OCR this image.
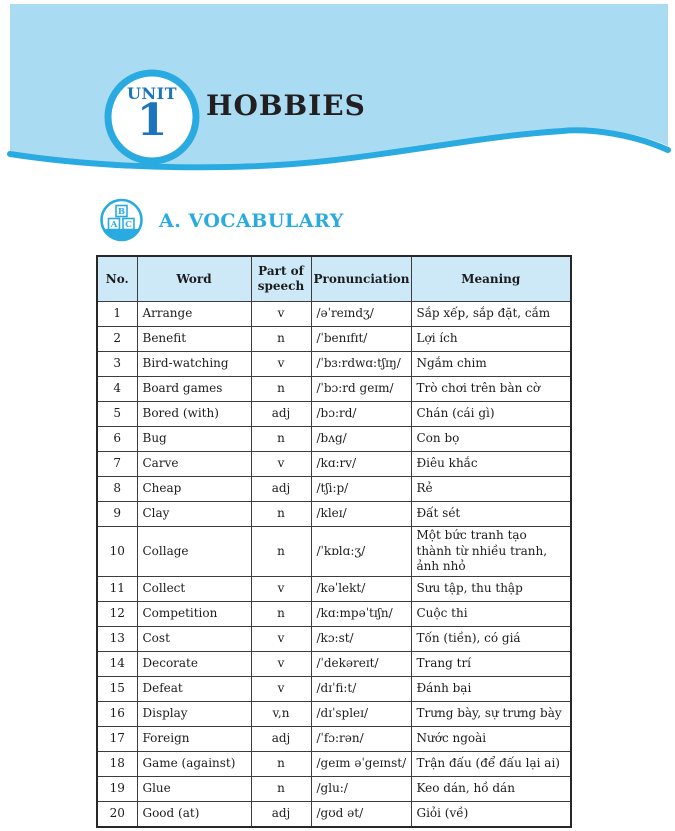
UNIT
1	HOBBIES
B
A C A. VOCABULARY
No.	Word	Part of speech	Pronunciation	Meaning
1	Arrange	v	/əˈreɪndʒ/	Sắp xếp, sắp đặt, cắm
2	Benefit	n	/ˈbenɪfɪt/	Lợi ích
3	Bird-watching	v	/ˈbɜ:rdwɑ:tʃɪŋ/	Ngắm chim
4	Board games	n	/ˈbɔ:rd geɪm/	Trò chơi trên bàn cờ
5	Bored (with)	adj	/bɔ:rd/	Chán (cái gì)
6	Bug	n	/bʌg/	Con bọ
7	Carve	v	/kɑ:rv/	Điêu khắc
8	Cheap	adj	/tʃi:p/	Rẻ
9	Clay	n	/kleɪ/	Đất sét
10	Collage	n	/ˈkɒlɑ:ʒ/	Một bức tranh tạo thành từ nhiều tranh, ảnh nhỏ
11	Collect	v	/kəˈlekt/	Sưu tập, thu thập
12	Competition	n	/kɑ:mpəˈtɪʃn/	Cuộc thi
13	Cost	v	/kɔ:st/	Tốn (tiền), có giá
14	Decorate	v	/ˈdekəreɪt/	Trang trí
15	Defeat	v	/dɪˈfi:t/	Đánh bại
16	Display	v,n	/dɪˈspleɪ/	Trưng bày, sự trưng bày
17	Foreign	adj	/ˈfɔ:rən/	Nước ngoài
18	Game (against)	n	/geɪm əˈgeɪnst/	Trận đấu (để đấu lại ai)
19	Glue	n	/glu:/	Keo dán, hồ dán
20	Good (at)	adj	/gʊd ət/	Giỏi (về)
